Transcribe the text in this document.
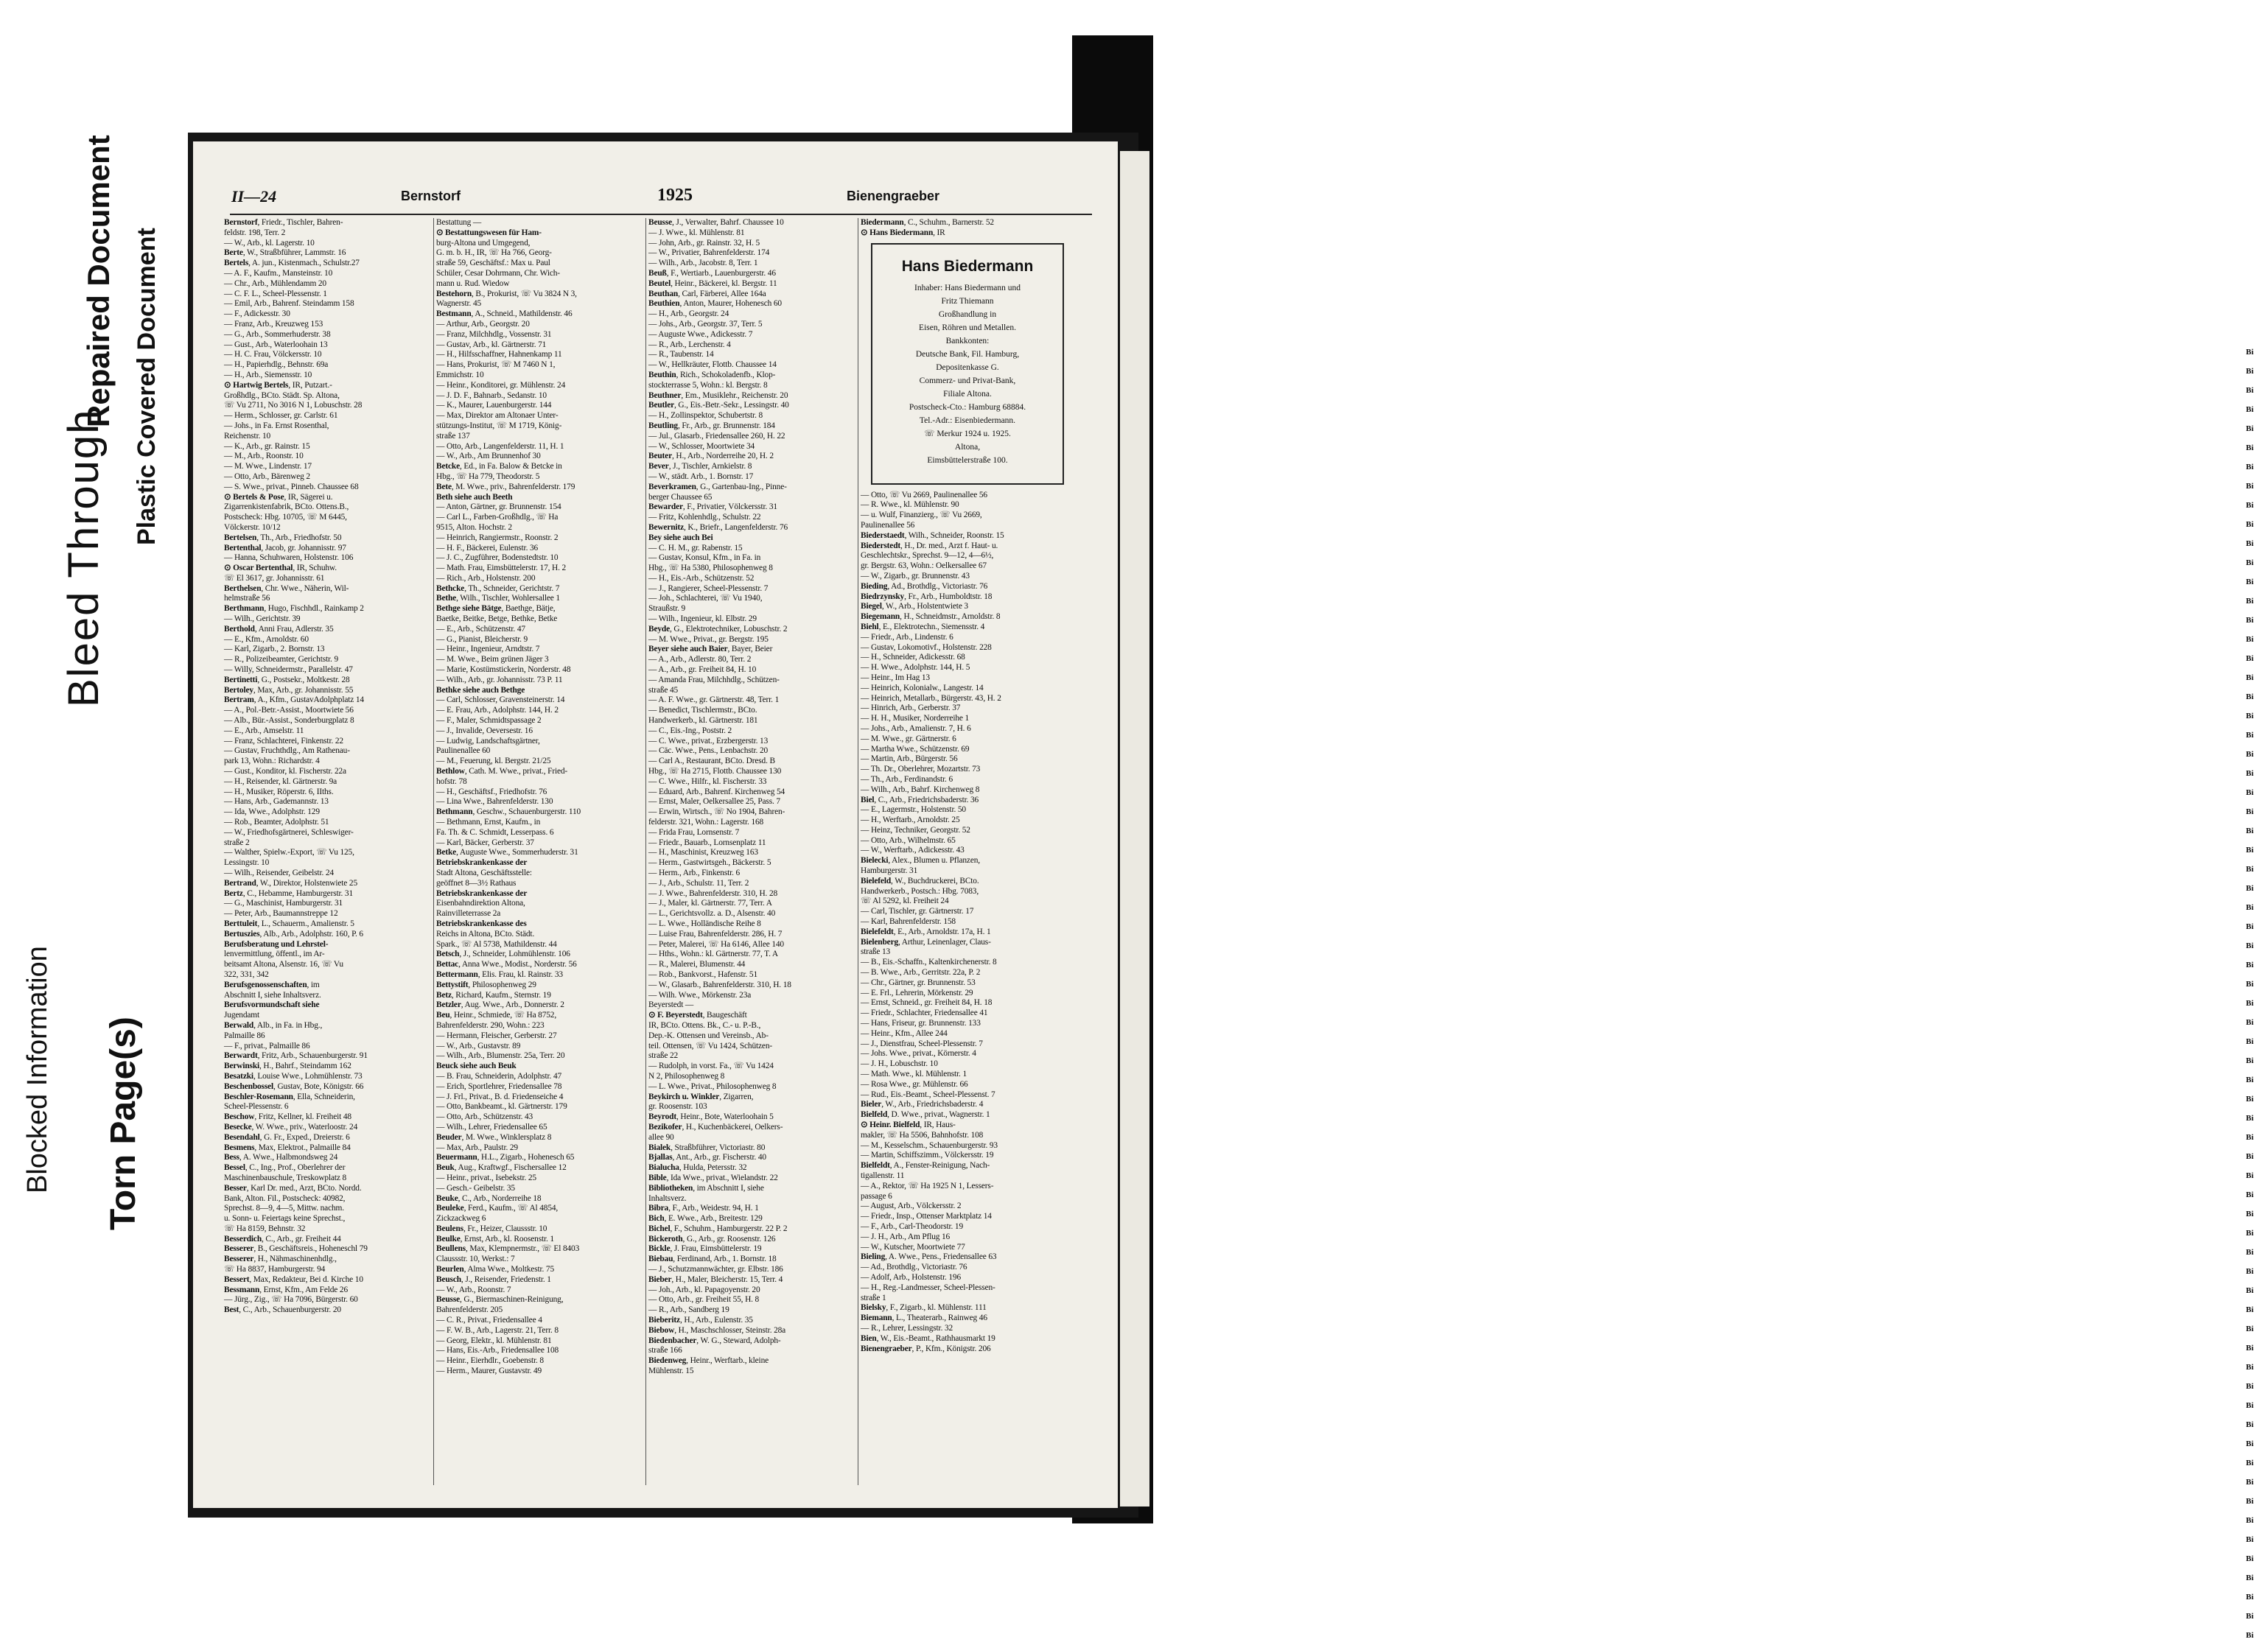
Blocked Information
Bleed Through
Repaired Document
Torn Page(s)
Plastic Covered Document
II—24	Bernstorf	1925	Bienengraeber
Bernstorf, Friedr., Tischler, Bahren-
feldstr. 198, Terr. 2
— W., Arb., kl. Lagerstr. 10
Berte, W., Straßbführer, Lammstr. 16
Bertels, A. jun., Kistenmach., Schulstr.27
— A. F., Kaufm., Mansteinstr. 10
— Chr., Arb., Mühlendamm 20
— C. F. L., Scheel-Plessenstr. 1
— Emil, Arb., Bahrenf. Steindamm 158
— F., Adickesstr. 30
— Franz, Arb., Kreuzweg 153
— G., Arb., Sommerhuderstr. 38
— Gust., Arb., Waterloohain 13
— H. C. Frau, Völckersstr. 10
— H., Papierhdlg., Behnstr. 69a
— H., Arb., Siemensstr. 10
⊙ Hartwig Bertels, IR, Putzart.-
Großhdlg., BCto. Städt. Sp. Altona,
☏ Vu 2711, No 3016 N 1, Lobuschstr. 28
— Herm., Schlosser, gr. Carlstr. 61
— Johs., in Fa. Ernst Rosenthal,
Reichenstr. 10
— K., Arb., gr. Rainstr. 15
— M., Arb., Roonstr. 10
— M. Wwe., Lindenstr. 17
— Otto, Arb., Bärenweg 2
— S. Wwe., privat., Pinneb. Chaussee 68
⊙ Bertels & Pose, IR, Sägerei u.
Zigarrenkistenfabrik, BCto. Ottens.B.,
Postscheck: Hbg. 10705, ☏ M 6445,
Völckerstr. 10/12
Bertelsen, Th., Arb., Friedhofstr. 50
Bertenthal, Jacob, gr. Johannisstr. 97
— Hanna, Schuhwaren, Holstenstr. 106
⊙ Oscar Bertenthal, IR, Schuhw.
☏ El 3617, gr. Johannisstr. 61
Berthelsen, Chr. Wwe., Näherin, Wil-
helmstraße 56
Berthmann, Hugo, Fischhdl., Rainkamp 2
— Wilh., Gerichtstr. 39
Berthold, Anni Frau, Adlerstr. 35
— E., Kfm., Arnoldstr. 60
— Karl, Zigarb., 2. Bornstr. 13
— R., Polizeibeamter, Gerichtstr. 9
— Willy, Schneidermstr., Parallelstr. 47
Bertinetti, G., Postsekr., Moltkestr. 28
Bertoley, Max, Arb., gr. Johannisstr. 55
Bertram, A., Kfm., GustavAdolphplatz 14
— A., Pol.-Betr.-Assist., Moortwiete 56
— Alb., Bür.-Assist., Sonderburgplatz 8
— E., Arb., Amselstr. 11
— Franz, Schlachterei, Finkenstr. 22
— Gustav, Fruchthdlg., Am Rathenau-
park 13, Wohn.: Richardstr. 4
— Gust., Konditor, kl. Fischerstr. 22a
— H., Reisender, kl. Gärtnerstr. 9a
— H., Musiker, Röperstr. 6, IIths.
— Hans, Arb., Gademannstr. 13
— Ida, Wwe., Adolphstr. 129
— Rob., Beamter, Adolphstr. 51
— W., Friedhofsgärtnerei, Schleswiger-
straße 2
— Walther, Spielw.-Export, ☏ Vu 125,
Lessingstr. 10
— Wilh., Reisender, Geibelstr. 24
Bertrand, W., Direktor, Holstenwiete 25
Bertz, C., Hebamme, Hamburgerstr. 31
— G., Maschinist, Hamburgerstr. 31
— Peter, Arb., Baumannstreppe 12
Berttuleit, L., Schauerm., Amalienstr. 5
Bertuszies, Alb., Arb., Adolphstr. 160, P. 6
Berufsberatung und Lehrstel-
lenvermittlung, öffentl., im Ar-
beitsamt Altona, Alsenstr. 16, ☏ Vu
322, 331, 342
Berufsgenossenschaften, im
Abschnitt I, siehe Inhaltsverz.
Berufsvormundschaft siehe
Jugendamt
Berwald, Alb., in Fa. in Hbg.,
Palmaille 86
— F., privat., Palmaille 86
Berwardt, Fritz, Arb., Schauenburgerstr. 91
Berwinski, H., Bahrf., Steindamm 162
Besatzki, Louise Wwe., Lohmühlenstr. 73
Beschenbossel, Gustav, Bote, Königstr. 66
Beschler-Rosemann, Ella, Schneiderin,
Scheel-Plessenstr. 6
Beschow, Fritz, Kellner, kl. Freiheit 48
Besecke, W. Wwe., priv., Waterloostr. 24
Besendahl, G. Fr., Exped., Dreierstr. 6
Besmens, Max, Elektrot., Palmaille 84
Bess, A. Wwe., Halbmondsweg 24
Bessel, C., Ing., Prof., Oberlehrer der
Maschinenbauschule, Treskowplatz 8
Besser, Karl Dr. med., Arzt, BCto. Nordd.
Bank, Alton. Fil., Postscheck: 40982,
Sprechst. 8—9, 4—5, Mittw. nachm.
u. Sonn- u. Feiertags keine Sprechst.,
☏ Ha 8159, Behnstr. 32
Besserdich, C., Arb., gr. Freiheit 44
Besserer, B., Geschäftsreis., Hoheneschl 79
Besserer, H., Nähmaschinenhdlg.,
☏ Ha 8837, Hamburgerstr. 94
Bessert, Max, Redakteur, Bei d. Kirche 10
Bessmann, Ernst, Kfm., Am Felde 26
— Jürg., Zig., ☏ Ha 7096, Bürgerstr. 60
Best, C., Arb., Schauenburgerstr. 20
Bestattung —
⊙ Bestattungswesen für Ham-
burg-Altona und Umgegend,
G. m. b. H., IR, ☏ Ha 766, Georg-
straße 59, Geschäftsf.: Max u. Paul
Schüler, Cesar Dohrmann, Chr. Wich-
mann u. Rud. Wiedow
Bestehorn, B., Prokurist, ☏ Vu 3824 N 3,
Wagnerstr. 45
Bestmann, A., Schneid., Mathildenstr. 46
— Arthur, Arb., Georgstr. 20
— Franz, Milchhdlg., Vossenstr. 31
— Gustav, Arb., kl. Gärtnerstr. 71
— H., Hilfsschaffner, Hahnenkamp 11
— Hans, Prokurist, ☏ M 7460 N 1,
Emmichstr. 10
— Heinr., Konditorei, gr. Mühlenstr. 24
— J. D. F., Bahnarb., Sedanstr. 10
— K., Maurer, Lauenburgerstr. 144
— Max, Direktor am Altonaer Unter-
stützungs-Institut, ☏ M 1719, König-
straße 137
— Otto, Arb., Langenfelderstr. 11, H. 1
— W., Arb., Am Brunnenhof 30
Betcke, Ed., in Fa. Balow & Betcke in
Hbg., ☏ Ha 779, Theodorstr. 5
Bete, M. Wwe., priv., Bahrenfelderstr. 179
Beth siehe auch Beeth
— Anton, Gärtner, gr. Brunnenstr. 154
— Carl L., Farben-Großhdlg., ☏ Ha
9515, Alton. Hochstr. 2
— Heinrich, Rangiermstr., Roonstr. 2
— H. F., Bäckerei, Eulenstr. 36
— J. C., Zugführer, Bodenstedtstr. 10
— Math. Frau, Eimsbüttelerstr. 17, H. 2
— Rich., Arb., Holstenstr. 200
Bethcke, Th., Schneider, Gerichtstr. 7
Bethe, Wilh., Tischler, Wohlersallee 1
Bethge siehe Bätge, Baethge, Bätje,
Baetke, Beitke, Betge, Bethke, Betke
— E., Arb., Schützenstr. 47
— G., Pianist, Bleicherstr. 9
— Heinr., Ingenieur, Arndtstr. 7
— M. Wwe., Beim grünen Jäger 3
— Marie, Kostümstickerin, Norderstr. 48
— Wilh., Arb., gr. Johannisstr. 73 P. 11
Bethke siehe auch Bethge
— Carl, Schlosser, Gravensteinerstr. 14
— E. Frau, Arb., Adolphstr. 144, H. 2
— F., Maler, Schmidtspassage 2
— J., Invalide, Oeversestr. 16
— Ludwig, Landschaftsgärtner,
Paulinenallee 60
— M., Feuerung, kl. Bergstr. 21/25
Bethlow, Cath. M. Wwe., privat., Fried-
hofstr. 78
— H., Geschäftsf., Friedhofstr. 76
— Lina Wwe., Bahrenfelderstr. 130
Bethmann, Geschw., Schauenburgerstr. 110
— Bethmann, Ernst, Kaufm., in
Fa. Th. & C. Schmidt, Lesserpass. 6
— Karl, Bäcker, Gerberstr. 37
Betke, Auguste Wwe., Sommerhuderstr. 31
Betriebskrankenkasse der
Stadt Altona, Geschäftsstelle:
geöffnet 8—3½ Rathaus
Betriebskrankenkasse der
Eisenbahndirektion Altona,
Rainvilleterrasse 2a
Betriebskrankenkasse des
Reichs in Altona, BCto. Städt.
Spark., ☏ Al 5738, Mathildenstr. 44
Betsch, J., Schneider, Lohmühlenstr. 106
Bettac, Anna Wwe., Modist., Norderstr. 56
Bettermann, Elis. Frau, kl. Rainstr. 33
Bettystift, Philosophenweg 29
Betz, Richard, Kaufm., Sternstr. 19
Betzler, Aug. Wwe., Arb., Donnerstr. 2
Beu, Heinr., Schmiede, ☏ Ha 8752,
Bahrenfelderstr. 290, Wohn.: 223
— Hermann, Fleischer, Gerberstr. 27
— W., Arb., Gustavstr. 89
— Wilh., Arb., Blumenstr. 25a, Terr. 20
Beuck siehe auch Beuk
— B. Frau, Schneiderin, Adolphstr. 47
— Erich, Sportlehrer, Friedensallee 78
— J. Frl., Privat., B. d. Friedenseiche 4
— Otto, Bankbeamt., kl. Gärtnerstr. 179
— Otto, Arb., Schützenstr. 43
— Wilh., Lehrer, Friedensallee 65
Beuder, M. Wwe., Winklersplatz 8
— Max, Arb., Paulstr. 29
Beuermann, H.L., Zigarb., Hohenesch 65
Beuk, Aug., Kraftwgf., Fischersallee 12
— Heinr., privat., Isebekstr. 25
— Gesch.- Geibelstr. 35
Beuke, C., Arb., Norderreihe 18
Beuleke, Ferd., Kaufm., ☏ Al 4854,
Zickzackweg 6
Beulens, Fr., Heizer, Claussstr. 10
Beulke, Ernst, Arb., kl. Roosenstr. 1
Beullens, Max, Klempnermstr., ☏ El 8403
Claussstr. 10, Werkst.: 7
Beurlen, Alma Wwe., Moltkestr. 75
Beusch, J., Reisender, Friedenstr. 1
— W., Arb., Roonstr. 7
Beusse, G., Biermaschinen-Reinigung,
Bahrenfelderstr. 205
— C. R., Privat., Friedensallee 4
— F. W. B., Arb., Lagerstr. 21, Terr. 8
— Georg, Elektr., kl. Mühlenstr. 81
— Hans, Eis.-Arb., Friedensallee 108
— Heinr., Eierhdlr., Goebenstr. 8
— Herm., Maurer, Gustavstr. 49
Beusse, J., Verwalter, Bahrf. Chaussee 10
— J. Wwe., kl. Mühlenstr. 81
— John, Arb., gr. Rainstr. 32, H. 5
— W., Privatier, Bahrenfelderstr. 174
— Wilh., Arb., Jacobstr. 8, Terr. 1
Beuß, F., Wertiarb., Lauenburgerstr. 46
Beutel, Heinr., Bäckerei, kl. Bergstr. 11
Beuthan, Carl, Färberei, Allee 164a
Beuthien, Anton, Maurer, Hohenesch 60
— H., Arb., Georgstr. 24
— Johs., Arb., Georgstr. 37, Terr. 5
— Auguste Wwe., Adickesstr. 7
— R., Arb., Lerchenstr. 4
— R., Taubenstr. 14
— W., Hellkräuter, Flottb. Chaussee 14
Beuthin, Rich., Schokoladenfb., Klop-
stockterrasse 5, Wohn.: kl. Bergstr. 8
Beuthner, Em., Musiklehr., Reichenstr. 20
Beutler, G., Eis.-Betr.-Sekr., Lessingstr. 40
— H., Zollinspektor, Schubertstr. 8
Beutling, Fr., Arb., gr. Brunnenstr. 184
— Jul., Glasarb., Friedensallee 260, H. 22
— W., Schlosser, Moortwiete 34
Beuter, H., Arb., Norderreihe 20, H. 2
Bever, J., Tischler, Arnkielstr. 8
— W., städt. Arb., 1. Bornstr. 17
Beverkramen, G., Gartenbau-Ing., Pinne-
berger Chaussee 65
Bewarder, F., Privatier, Völckersstr. 31
— Fritz, Kohlenhdlg., Schulstr. 22
Bewernitz, K., Briefr., Langenfelderstr. 76
Bey siehe auch Bei
— C. H. M., gr. Rabenstr. 15
— Gustav, Konsul, Kfm., in Fa. in
Hbg., ☏ Ha 5380, Philosophenweg 8
— H., Eis.-Arb., Schützenstr. 52
— J., Rangierer, Scheel-Plessenstr. 7
— Joh., Schlachterei, ☏ Vu 1940,
Straußstr. 9
— Wilh., Ingenieur, kl. Elbstr. 29
Beyde, G., Elektrotechniker, Lobuschstr. 2
— M. Wwe., Privat., gr. Bergstr. 195
Beyer siehe auch Baier, Bayer, Beier
— A., Arb., Adlerstr. 80, Terr. 2
— A., Arb., gr. Freiheit 84, H. 10
— Amanda Frau, Milchhdlg., Schützen-
straße 45
— A. F. Wwe., gr. Gärtnerstr. 48, Terr. 1
— Benedict, Tischlermstr., BCto.
Handwerkerb., kl. Gärtnerstr. 181
— C., Eis.-Ing., Poststr. 2
— C. Wwe., privat., Erzbergerstr. 13
— Cäc. Wwe., Pens., Lenbachstr. 20
— Carl A., Restaurant, BCto. Dresd. B
Hbg., ☏ Ha 2715, Flottb. Chaussee 130
— C. Wwe., Hilfr., kl. Fischerstr. 33
— Eduard, Arb., Bahrenf. Kirchenweg 54
— Ernst, Maler, Oelkersallee 25, Pass. 7
— Erwin, Wirtsch., ☏ No 1904, Bahren-
felderstr. 321, Wohn.: Lagerstr. 168
— Frida Frau, Lornsenstr. 7
— Friedr., Bauarb., Lornsenplatz 11
— H., Maschinist, Kreuzweg 163
— Herm., Gastwirtsgeh., Bäckerstr. 5
— Herm., Arb., Finkenstr. 6
— J., Arb., Schulstr. 11, Terr. 2
— J. Wwe., Bahrenfelderstr. 310, H. 28
— J., Maler, kl. Gärtnerstr. 77, Terr. A
— L., Gerichtsvollz. a. D., Alsenstr. 40
— L. Wwe., Holländische Reihe 8
— Luise Frau, Bahrenfelderstr. 286, H. 7
— Peter, Malerei, ☏ Ha 6146, Allee 140
— Hths., Wohn.: kl. Gärtnerstr. 77, T. A
— R., Malerei, Blumenstr. 44
— Rob., Bankvorst., Hafenstr. 51
— W., Glasarb., Bahrenfelderstr. 310, H. 18
— Wilh. Wwe., Mörkenstr. 23a
Beyerstedt —
⊙ F. Beyerstedt, Baugeschäft
IR, BCto. Ottens. Bk., C.- u. P.-B.,
Dep.-K. Ottensen und Vereinsb., Ab-
teil. Ottensen, ☏ Vu 1424, Schützen-
straße 22
— Rudolph, in vorst. Fa., ☏ Vu 1424
N 2, Philosophenweg 8
— L. Wwe., Privat., Philosophenweg 8
Beykirch u. Winkler, Zigarren,
gr. Roosenstr. 103
Beyrodt, Heinr., Bote, Waterloohain 5
Bezikofer, H., Kuchenbäckerei, Oelkers-
allee 90
Bialek, Straßbführer, Victoriastr. 80
Bjallas, Ant., Arb., gr. Fischerstr. 40
Bialucha, Hulda, Petersstr. 32
Bible, Ida Wwe., privat., Wielandstr. 22
Bibliotheken, im Abschnitt I, siehe
Inhaltsverz.
Bibra, F., Arb., Weidestr. 94, H. 1
Bich, E. Wwe., Arb., Breitestr. 129
Bichel, F., Schuhm., Hamburgerstr. 22 P. 2
Bickeroth, G., Arb., gr. Roosenstr. 126
Bickle, J. Frau, Eimsbüttelerstr. 19
Biebau, Ferdinand, Arb., 1. Bornstr. 18
— J., Schutzmannwächter, gr. Elbstr. 186
Bieber, H., Maler, Bleicherstr. 15, Terr. 4
— Joh., Arb., kl. Papagoyenstr. 20
— Otto, Arb., gr. Freiheit 55, H. 8
— R., Arb., Sandberg 19
Bieberitz, H., Arb., Eulenstr. 35
Biebow, H., Maschschlosser, Steinstr. 28a
Biedenbacher, W. G., Steward, Adolph-
straße 166
Biedenweg, Heinr., Werftarb., kleine
Mühlenstr. 15
Biedermann, C., Schuhm., Barnerstr. 52
⊙ Hans Biedermann, IR
Hans Biedermann
Inhaber: Hans Biedermann und
Fritz Thiemann
Großhandlung in
Eisen, Röhren und Metallen.
Bankkonten:
Deutsche Bank, Fil. Hamburg,
Depositenkasse G.
Commerz- und Privat-Bank,
Filiale Altona.
Postscheck-Cto.: Hamburg 68884.
Tel.-Adr.: Eisenbiedermann.
☏ Merkur 1924 u. 1925.
Altona,
Eimsbüttelerstraße 100.
— Otto, ☏ Vu 2669, Paulinenallee 56
— R. Wwe., kl. Mühlenstr. 90
— u. Wulf, Finanzierg., ☏ Vu 2669,
Paulinenallee 56
Biederstaedt, Wilh., Schneider, Roonstr. 15
Biederstedt, H., Dr. med., Arzt f. Haut- u.
Geschlechtskr., Sprechst. 9—12, 4—6½,
gr. Bergstr. 63, Wohn.: Oelkersallee 67
— W., Zigarb., gr. Brunnenstr. 43
Bieding, Ad., Brothdlg., Victoriastr. 76
Biedrzynsky, Fr., Arb., Humboldtstr. 18
Biegel, W., Arb., Holstentwiete 3
Biegemann, H., Schneidmstr., Arnoldstr. 8
Biehl, E., Elektrotechn., Siemensstr. 4
— Friedr., Arb., Lindenstr. 6
— Gustav, Lokomotivf., Holstenstr. 228
— H., Schneider, Adickesstr. 68
— H. Wwe., Adolphstr. 144, H. 5
— Heinr., Im Hag 13
— Heinrich, Kolonialw., Langestr. 14
— Heinrich, Metallarb., Bürgerstr. 43, H. 2
— Hinrich, Arb., Gerberstr. 37
— H. H., Musiker, Norderreihe 1
— Johs., Arb., Amalienstr. 7, H. 6
— M. Wwe., gr. Gärtnerstr. 6
— Martha Wwe., Schützenstr. 69
— Martin, Arb., Bürgerstr. 56
— Th. Dr., Oberlehrer, Mozartstr. 73
— Th., Arb., Ferdinandstr. 6
— Wilh., Arb., Bahrf. Kirchenweg 8
Biel, C., Arb., Friedrichsbaderstr. 36
— E., Lagermstr., Holstenstr. 50
— H., Werftarb., Arnoldstr. 25
— Heinz, Techniker, Georgstr. 52
— Otto, Arb., Wilhelmstr. 65
— W., Werftarb., Adickesstr. 43
Bielecki, Alex., Blumen u. Pflanzen,
Hamburgerstr. 31
Bielefeld, W., Buchdruckerei, BCto.
Handwerkerb., Postsch.: Hbg. 7083,
☏ Al 5292, kl. Freiheit 24
— Carl, Tischler, gr. Gärtnerstr. 17
— Karl, Bahrenfelderstr. 158
Bielefeldt, E., Arb., Arnoldstr. 17a, H. 1
Bielenberg, Arthur, Leinenlager, Claus-
straße 13
— B., Eis.-Schaffn., Kaltenkirchenerstr. 8
— B. Wwe., Arb., Gerritstr. 22a, P. 2
— Chr., Gärtner, gr. Brunnenstr. 53
— E. Frl., Lehrerin, Mörkenstr. 29
— Ernst, Schneid., gr. Freiheit 84, H. 18
— Friedr., Schlachter, Friedensallee 41
— Hans, Friseur, gr. Brunnenstr. 133
— Heinr., Kfm., Allee 244
— J., Dienstfrau, Scheel-Plessenstr. 7
— Johs. Wwe., privat., Körnerstr. 4
— J. H., Lobuschstr. 10
— Math. Wwe., kl. Mühlenstr. 1
— Rosa Wwe., gr. Mühlenstr. 66
— Rud., Eis.-Beamt., Scheel-Plessenst. 7
Bieler, W., Arb., Friedrichsbaderstr. 4
Bielfeld, D. Wwe., privat., Wagnerstr. 1
⊙ Heinr. Bielfeld, IR, Haus-
makler, ☏ Ha 5506, Bahnhofstr. 108
— M., Kesselschm., Schauenburgerstr. 93
— Martin, Schiffszimm., Völckersstr. 19
Bielfeldt, A., Fenster-Reinigung, Nach-
tigallenstr. 11
— A., Rektor, ☏ Ha 1925 N 1, Lessers-
passage 6
— August, Arb., Völckersstr. 2
— Friedr., Insp., Ottenser Marktplatz 14
— F., Arb., Carl-Theodorstr. 19
— J. H., Arb., Am Pflug 16
— W., Kutscher, Moortwiete 77
Bieling, A. Wwe., Pens., Friedensallee 63
— Ad., Brothdlg., Victoriastr. 76
— Adolf, Arb., Holstenstr. 196
— H., Reg.-Landmesser, Scheel-Plessen-
straße 1
Bielsky, F., Zigarb., kl. Mühlenstr. 111
Biemann, L., Theaterarb., Rainweg 46
— R., Lehrer, Lessingstr. 32
Bien, W., Eis.-Beamt., Rathhausmarkt 19
Bienengraeber, P., Kfm., Königstr. 206
Bi
Bi
Bi
Bi
Bi
Bi
Bi
Bi
Bi
Bi
Bi
Bi
Bi
Bi
Bi
Bi
Bi
Bi
Bi
Bi
Bi
Bi
Bi
Bi
Bi
Bi
Bi
Bi
Bi
Bi
Bi
Bi
Bi
Bi
Bi
Bi
Bi
Bi
Bi
Bi
Bi
Bi
Bi
Bi
Bi
Bi
Bi
Bi
Bi
Bi
Bi
Bi
Bi
Bi
Bi
Bi
Bi
Bi
Bi
Bi
Bi
Bi
Bi
Bi
Bi
Bi
Bi
Bi
